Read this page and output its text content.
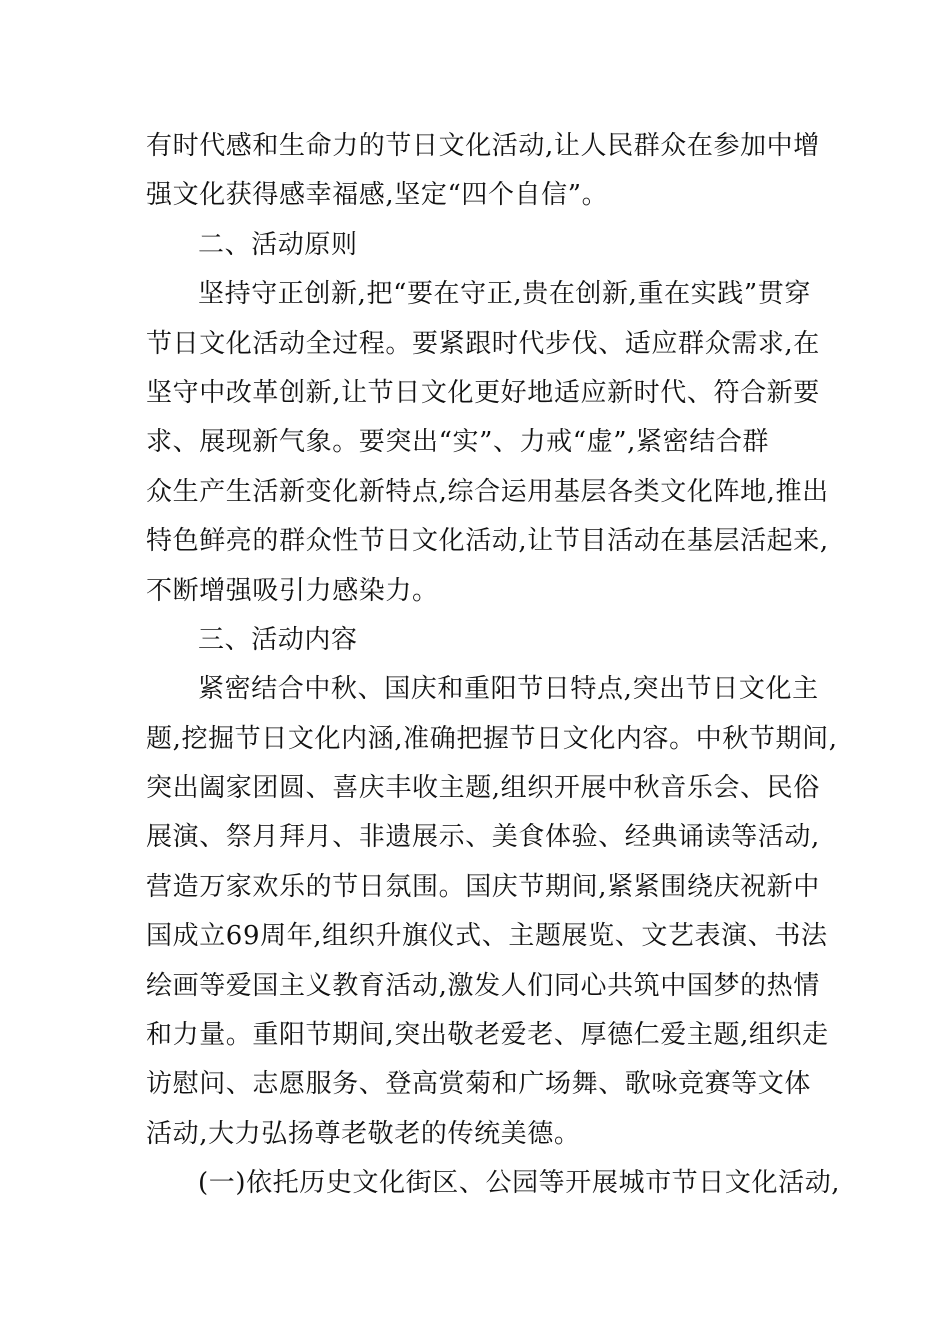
有时代感和生命力的节日文化活动,让人民群众在参加中增
强文化获得感幸福感,坚定“四个自信”。
二、活动原则
坚持守正创新,把“要在守正,贵在创新,重在实践”贯穿
节日文化活动全过程。要紧跟时代步伐、适应群众需求,在
坚守中改革创新,让节日文化更好地适应新时代、符合新要
求、展现新气象。要突出“实”、力戒“虚”,紧密结合群
众生产生活新变化新特点,综合运用基层各类文化阵地,推出
特色鲜亮的群众性节日文化活动,让节目活动在基层活起来,
不断增强吸引力感染力。
三、活动内容
紧密结合中秋、国庆和重阳节日特点,突出节日文化主
题,挖掘节日文化内涵,准确把握节日文化内容。中秋节期间,
突出阖家团圆、喜庆丰收主题,组织开展中秋音乐会、民俗
展演、祭月拜月、非遗展示、美食体验、经典诵读等活动,
营造万家欢乐的节日氛围。国庆节期间,紧紧围绕庆祝新中
国成立69周年,组织升旗仪式、主题展览、文艺表演、书法
绘画等爱国主义教育活动,激发人们同心共筑中国梦的热情
和力量。重阳节期间,突出敬老爱老、厚德仁爱主题,组织走
访慰问、志愿服务、登高赏菊和广场舞、歌咏竞赛等文体
活动,大力弘扬尊老敬老的传统美德。
(一)依托历史文化街区、公园等开展城市节日文化活动,
